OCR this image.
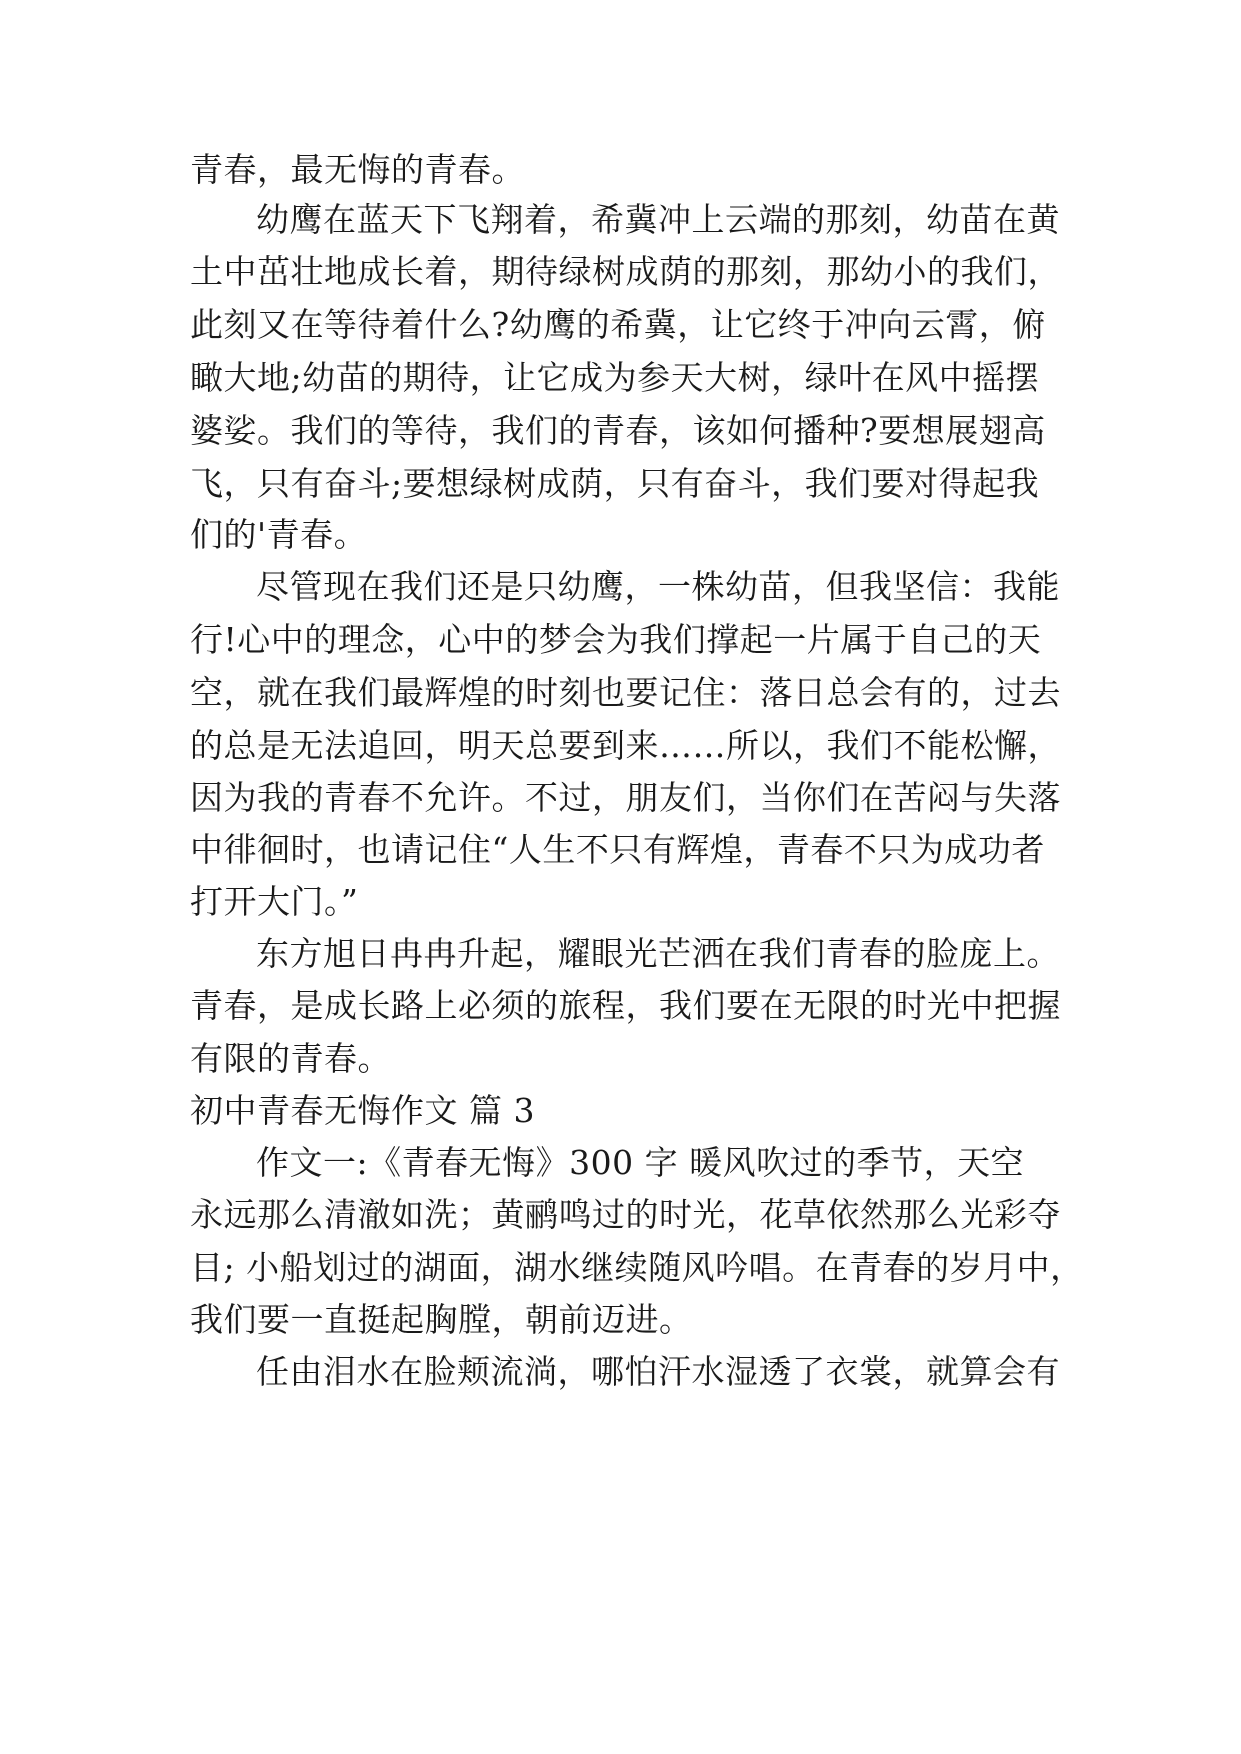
青春，最无悔的青春。
幼鹰在蓝天下飞翔着，希冀冲上云端的那刻，幼苗在黄
土中茁壮地成长着，期待绿树成荫的那刻，那幼小的我们，
此刻又在等待着什么?幼鹰的希冀，让它终于冲向云霄，俯
瞰大地;幼苗的期待，让它成为参天大树，绿叶在风中摇摆
婆娑。我们的等待，我们的青春，该如何播种?要想展翅高
飞，只有奋斗;要想绿树成荫，只有奋斗，我们要对得起我
们的'青春。
尽管现在我们还是只幼鹰，一株幼苗，但我坚信：我能
行!心中的理念，心中的梦会为我们撑起一片属于自己的天
空，就在我们最辉煌的时刻也要记住：落日总会有的，过去
的总是无法追回，明天总要到来……所以，我们不能松懈，
因为我的青春不允许。不过，朋友们，当你们在苦闷与失落
中徘徊时，也请记住“人生不只有辉煌，青春不只为成功者
打开大门。”
东方旭日冉冉升起，耀眼光芒洒在我们青春的脸庞上。
青春，是成长路上必须的旅程，我们要在无限的时光中把握
有限的青春。
初中青春无悔作文 篇 3
作文一:《青春无悔》300 字 暖风吹过的季节，天空
永远那么清澈如洗；黄鹂鸣过的时光，花草依然那么光彩夺
目; 小船划过的湖面，湖水继续随风吟唱。在青春的岁月中，
我们要一直挺起胸膛，朝前迈进。
任由泪水在脸颊流淌，哪怕汗水湿透了衣裳，就算会有
